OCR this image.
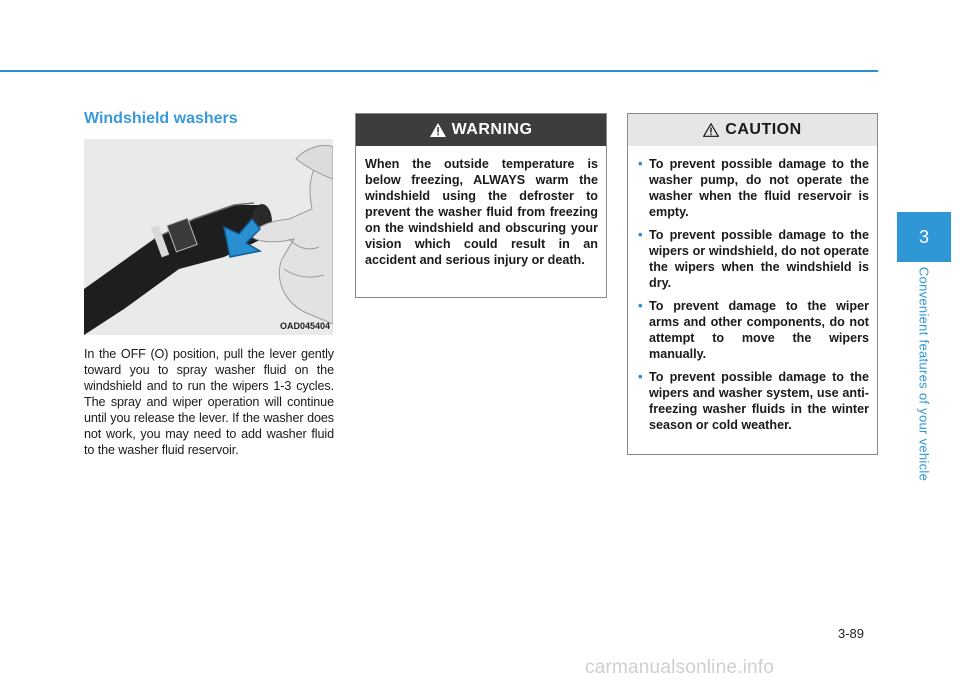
Windshield washers
OAD045404
In the OFF (O) position, pull the lever gently toward you to spray washer fluid on the windshield and to run the wipers 1-3 cycles. The spray and wiper operation will continue until you release the lever. If the washer does not work, you may need to add washer fluid to the washer fluid reservoir.
WARNING
When the outside temperature is below freezing, ALWAYS warm the windshield using the defroster to prevent the washer fluid from freezing on the windshield and obscuring your vision which could result in an accident and serious injury or death.
CAUTION
• To prevent possible damage to the washer pump, do not operate the washer when the fluid reservoir is empty.
• To prevent possible damage to the wipers or windshield, do not operate the wipers when the windshield is dry.
• To prevent damage to the wiper arms and other components, do not attempt to move the wipers manually.
• To prevent possible damage to the wipers and washer system, use anti-freezing washer fluids in the winter season or cold weather.
3
Convenient features of your vehicle
3-89
carmanualsonline.info
